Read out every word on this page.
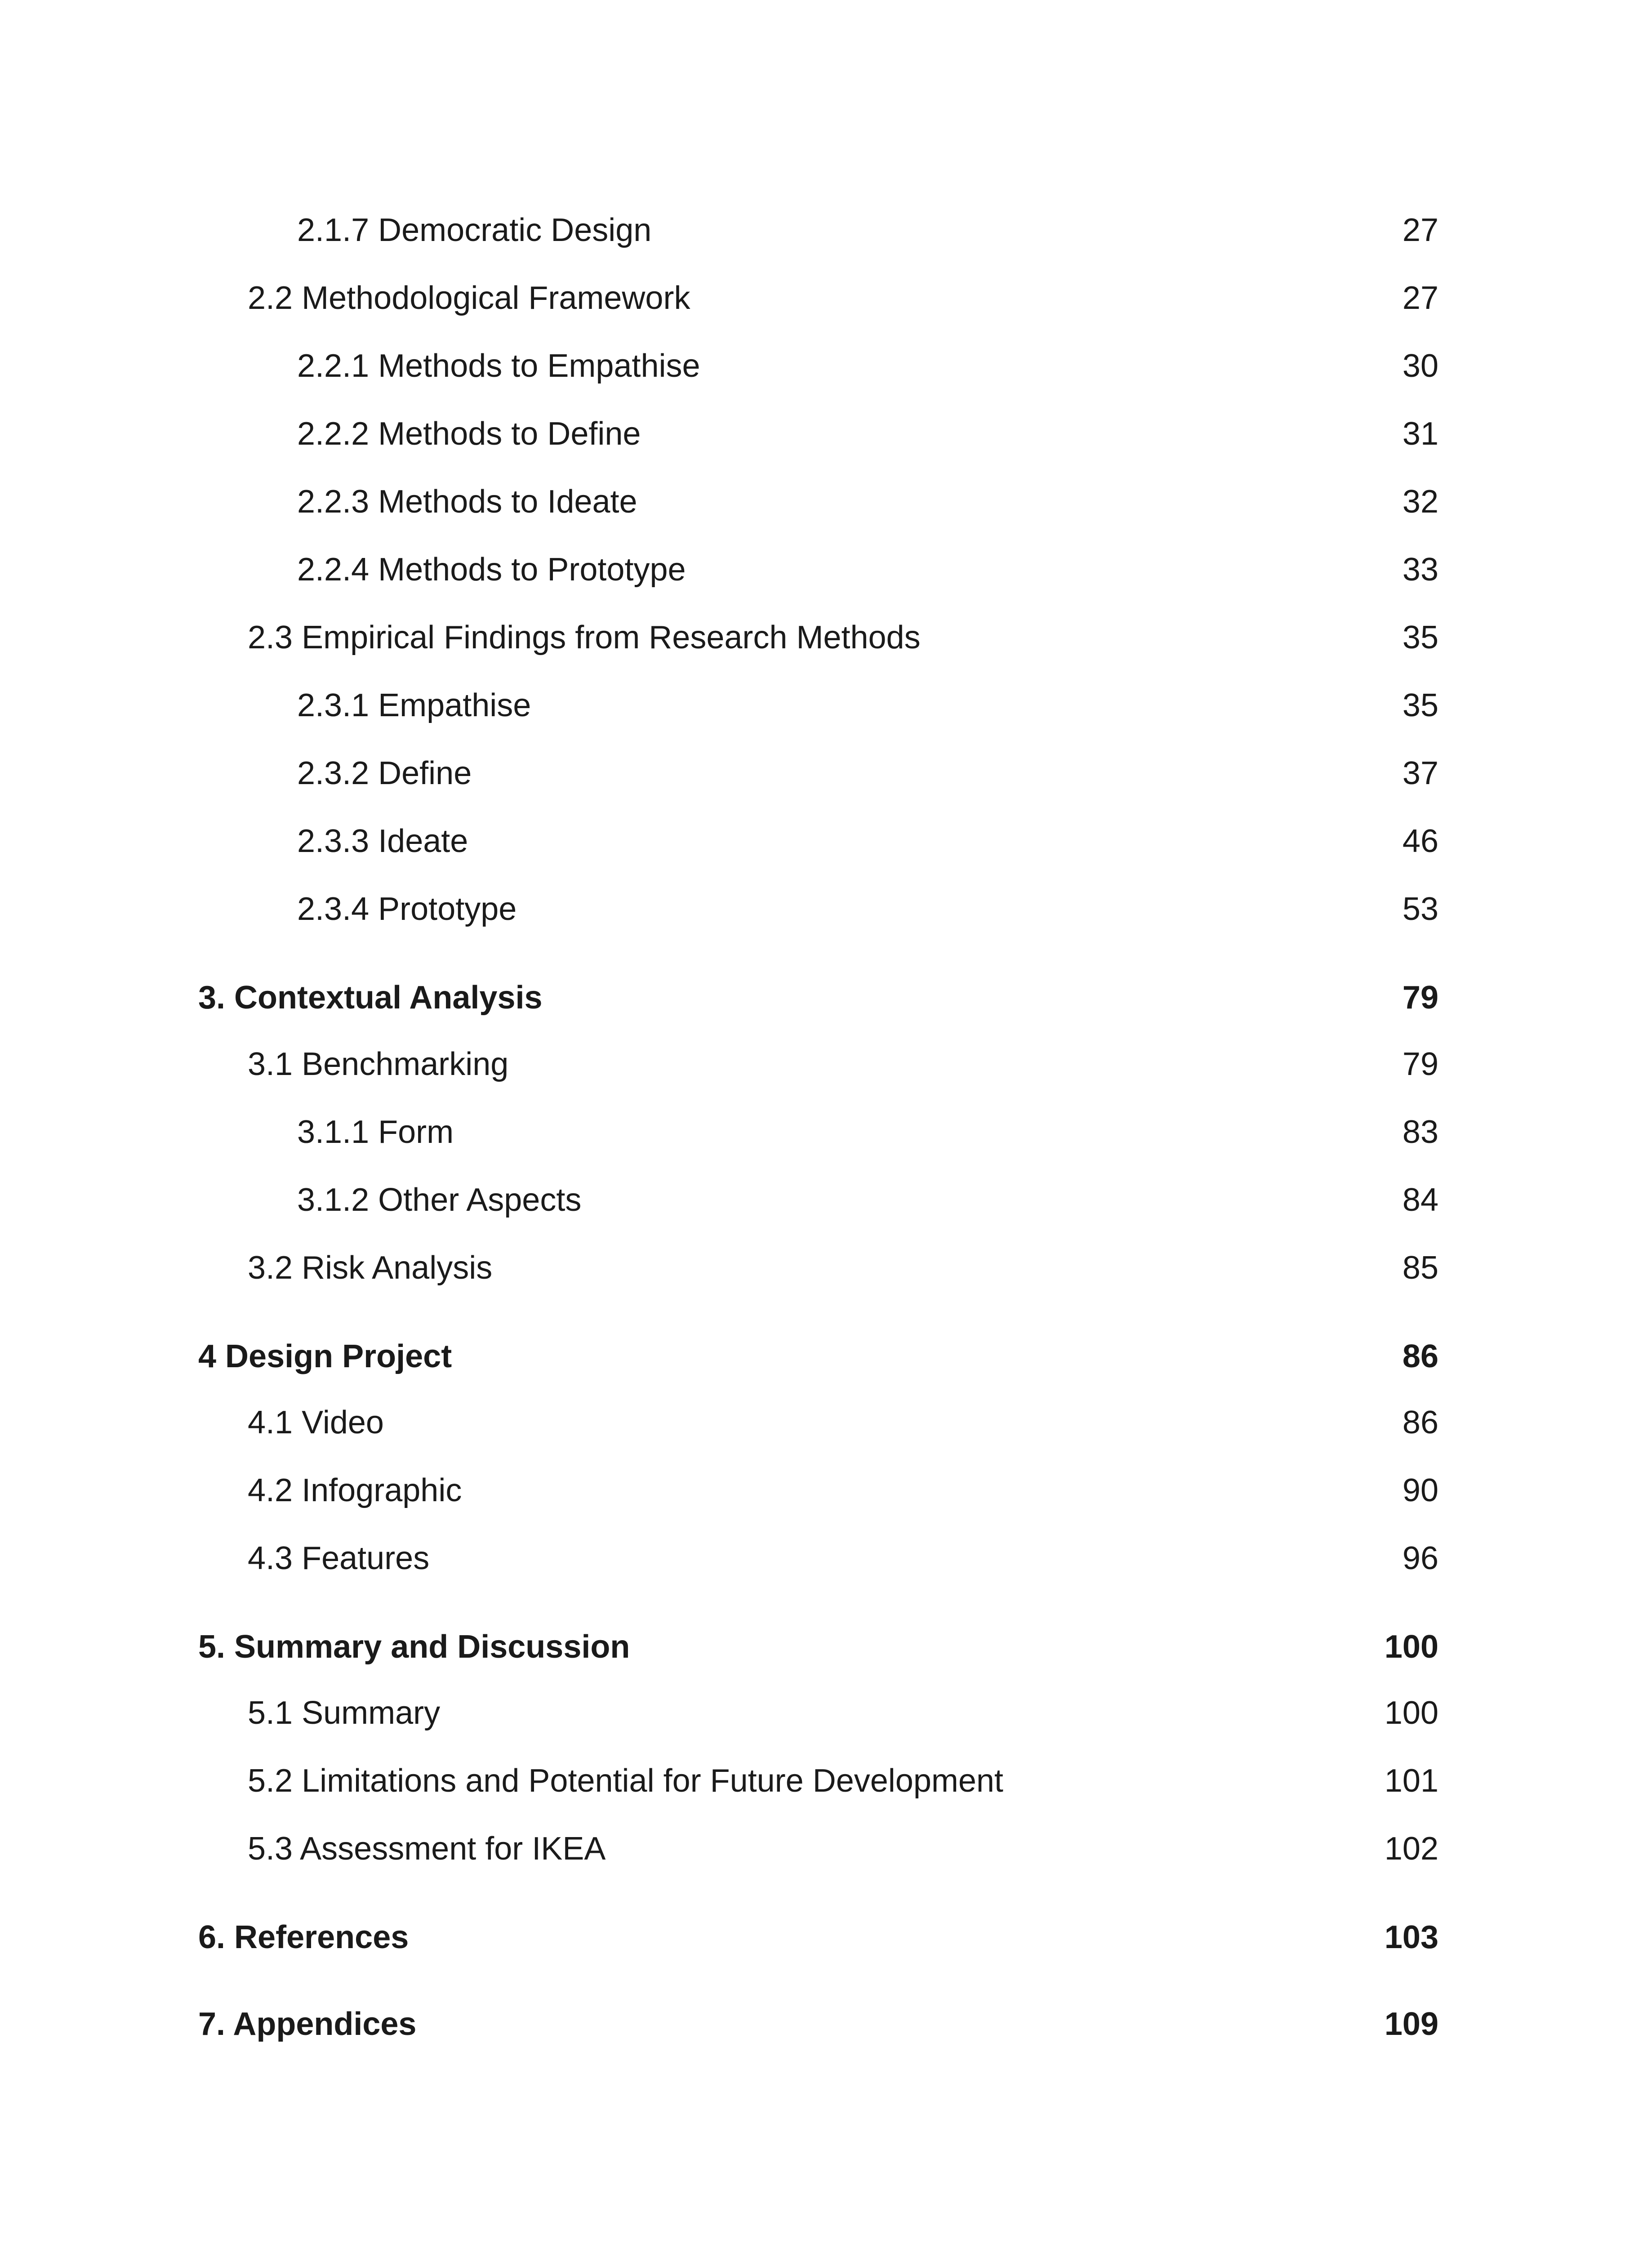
2.1.7 Democratic Design	27
2.2 Methodological Framework	27
2.2.1 Methods to Empathise	30
2.2.2 Methods to Define	31
2.2.3 Methods to Ideate	32
2.2.4 Methods to Prototype	33
2.3 Empirical Findings from Research Methods	35
2.3.1 Empathise	35
2.3.2 Define	37
2.3.3 Ideate	46
2.3.4 Prototype	53
3. Contextual Analysis	79
3.1 Benchmarking	79
3.1.1 Form	83
3.1.2 Other Aspects	84
3.2 Risk Analysis	85
4 Design Project	86
4.1 Video	86
4.2 Infographic	90
4.3 Features	96
5. Summary and Discussion	100
5.1 Summary	100
5.2 Limitations and Potential for Future Development	101
5.3 Assessment for IKEA	102
6. References	103
7. Appendices	109
